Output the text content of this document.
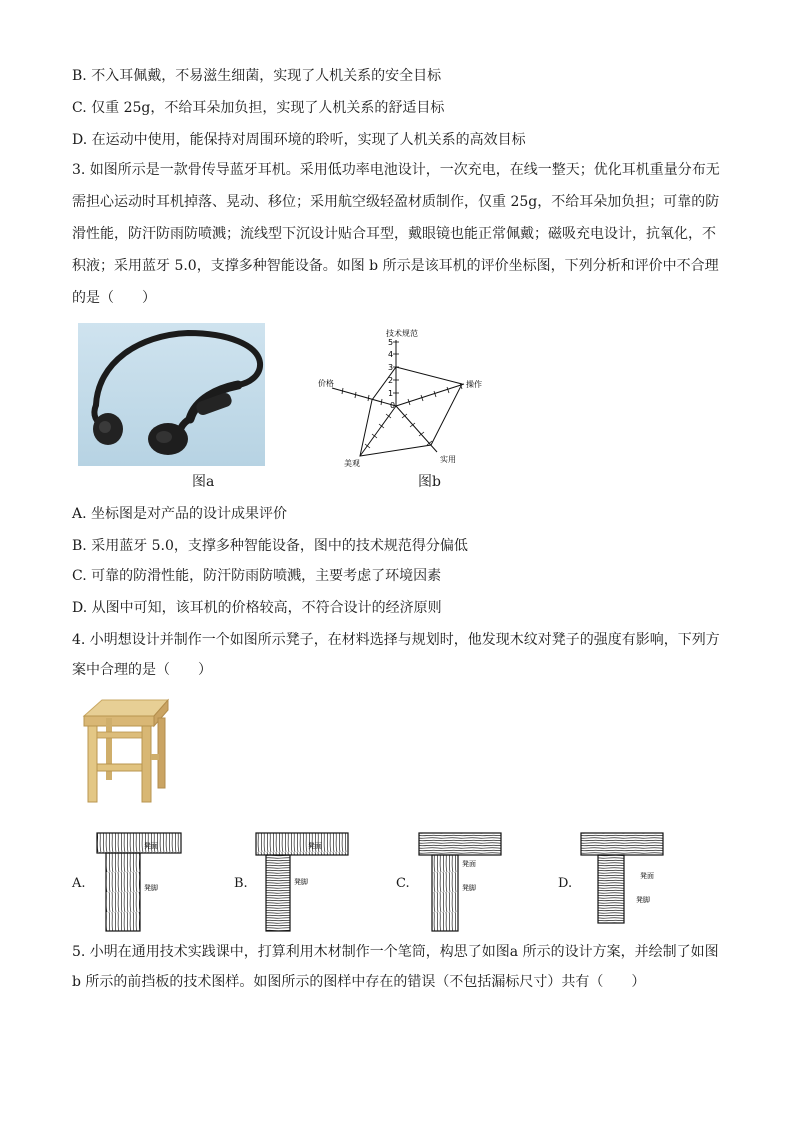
B. 不入耳佩戴，不易滋生细菌，实现了人机关系的安全目标
C. 仅重 25g，不给耳朵加负担，实现了人机关系的舒适目标
D. 在运动中使用，能保持对周围环境的聆听，实现了人机关系的高效目标
3. 如图所示是一款骨传导蓝牙耳机。采用低功率电池设计，一次充电，在线一整天；优化耳机重量分布无
需担心运动时耳机掉落、晃动、移位；采用航空级轻盈材质制作，仅重 25g，不给耳朵加负担；可靠的防
滑性能，防汗防雨防喷溅；流线型下沉设计贴合耳型，戴眼镜也能正常佩戴；磁吸充电设计，抗氧化，不
积液；采用蓝牙 5.0，支撑多种智能设备。如图 b 所示是该耳机的评价坐标图，下列分析和评价中不合理
的是（　　）
图a
5
4
3
2
1
0
技术规范
操作
实用
美观
价格
图b
A. 坐标图是对产品的设计成果评价
B. 采用蓝牙 5.0，支撑多种智能设备，图中的技术规范得分偏低
C. 可靠的防滑性能，防汗防雨防喷溅，主要考虑了环境因素
D. 从图中可知，该耳机的价格较高，不符合设计的经济原则
4. 小明想设计并制作一个如图所示凳子，在材料选择与规划时，他发现木纹对凳子的强度有影响，下列方
案中合理的是（　　）
A.
凳面
凳脚	B.
凳面
凳脚	C.
凳面
凳脚	D.	凳面
凳脚
5. 小明在通用技术实践课中，打算利用木材制作一个笔筒，构思了如图a 所示的设计方案，并绘制了如图
b 所示的前挡板的技术图样。如图所示的图样中存在的错误（不包括漏标尺寸）共有（　　）
